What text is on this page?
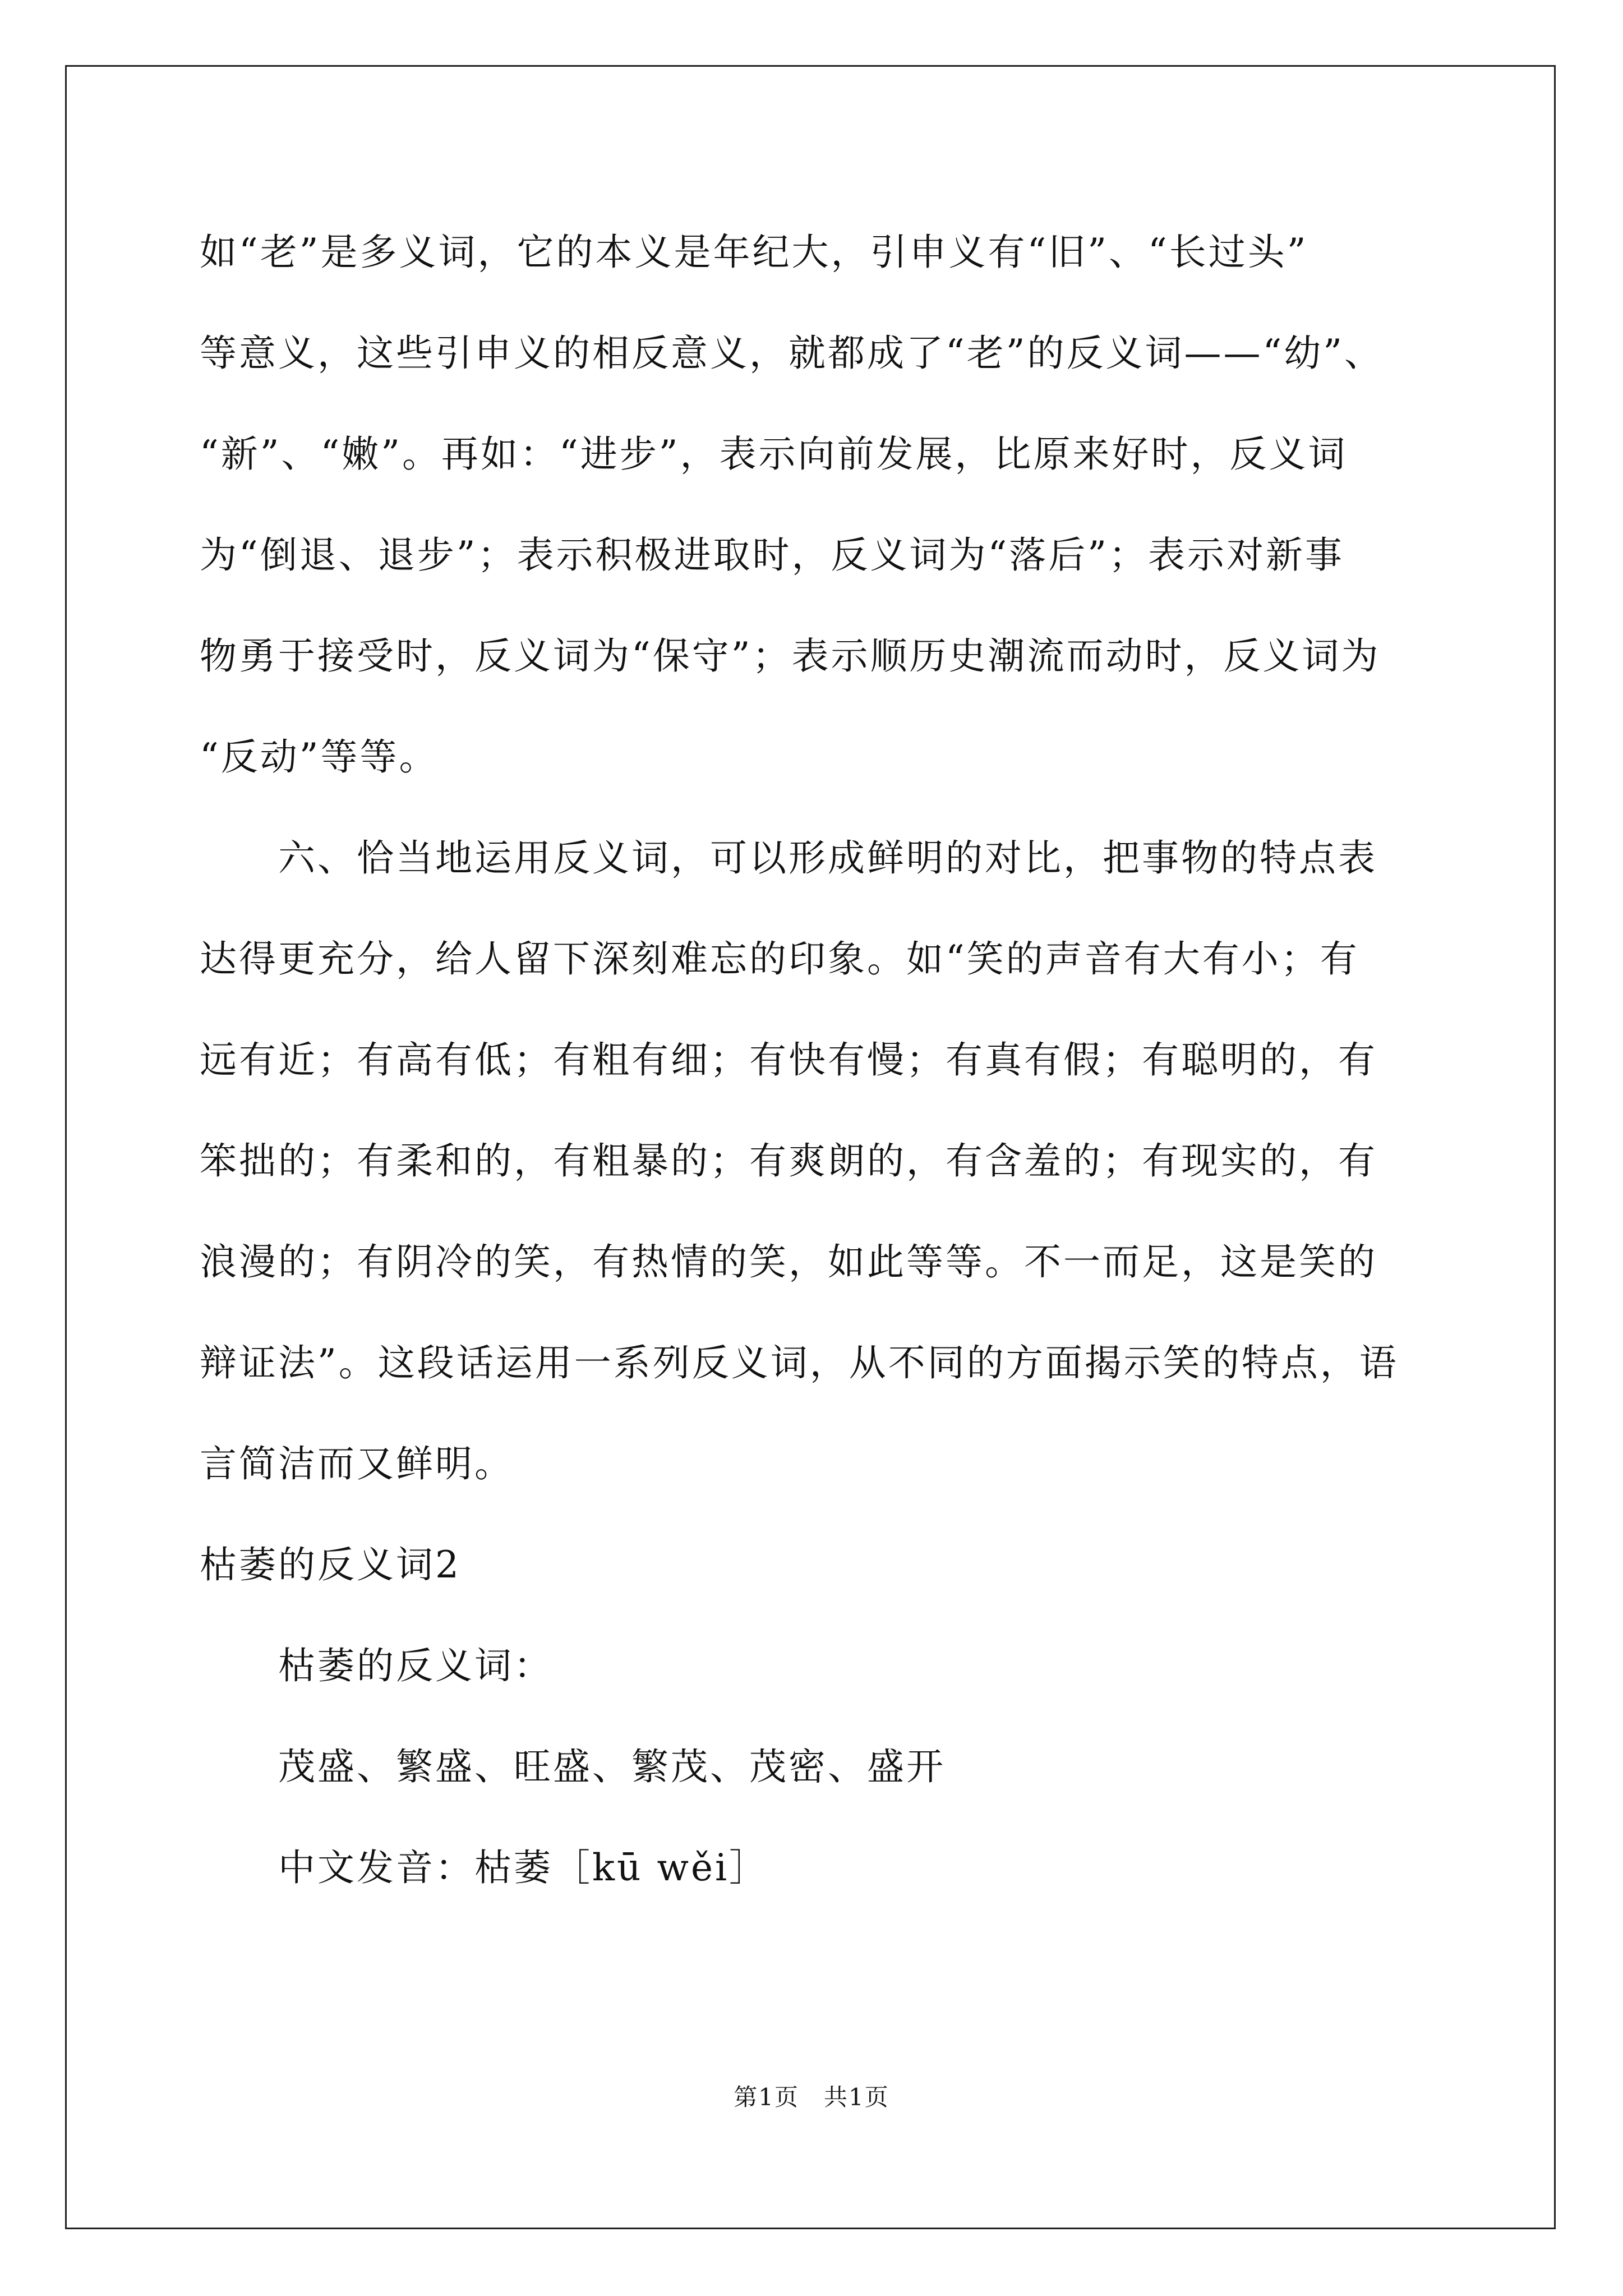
如“老”是多义词，它的本义是年纪大，引申义有“旧”、“长过头”
等意义，这些引申义的相反意义，就都成了“老”的反义词——“幼”、
“新”、“嫩”。再如：“进步”，表示向前发展，比原来好时，反义词
为“倒退、退步”；表示积极进取时，反义词为“落后”；表示对新事
物勇于接受时，反义词为“保守”；表示顺历史潮流而动时，反义词为
“反动”等等。
六、恰当地运用反义词，可以形成鲜明的对比，把事物的特点表
达得更充分，给人留下深刻难忘的印象。如“笑的声音有大有小；有
远有近；有高有低；有粗有细；有快有慢；有真有假；有聪明的，有
笨拙的；有柔和的，有粗暴的；有爽朗的，有含羞的；有现实的，有
浪漫的；有阴冷的笑，有热情的笑，如此等等。不一而足，这是笑的
辩证法”。这段话运用一系列反义词，从不同的方面揭示笑的特点，语
言简洁而又鲜明。
枯萎的反义词2
枯萎的反义词：
茂盛、繁盛、旺盛、繁茂、茂密、盛开
中文发音：枯萎［kū wěi］
第1页　共1页
